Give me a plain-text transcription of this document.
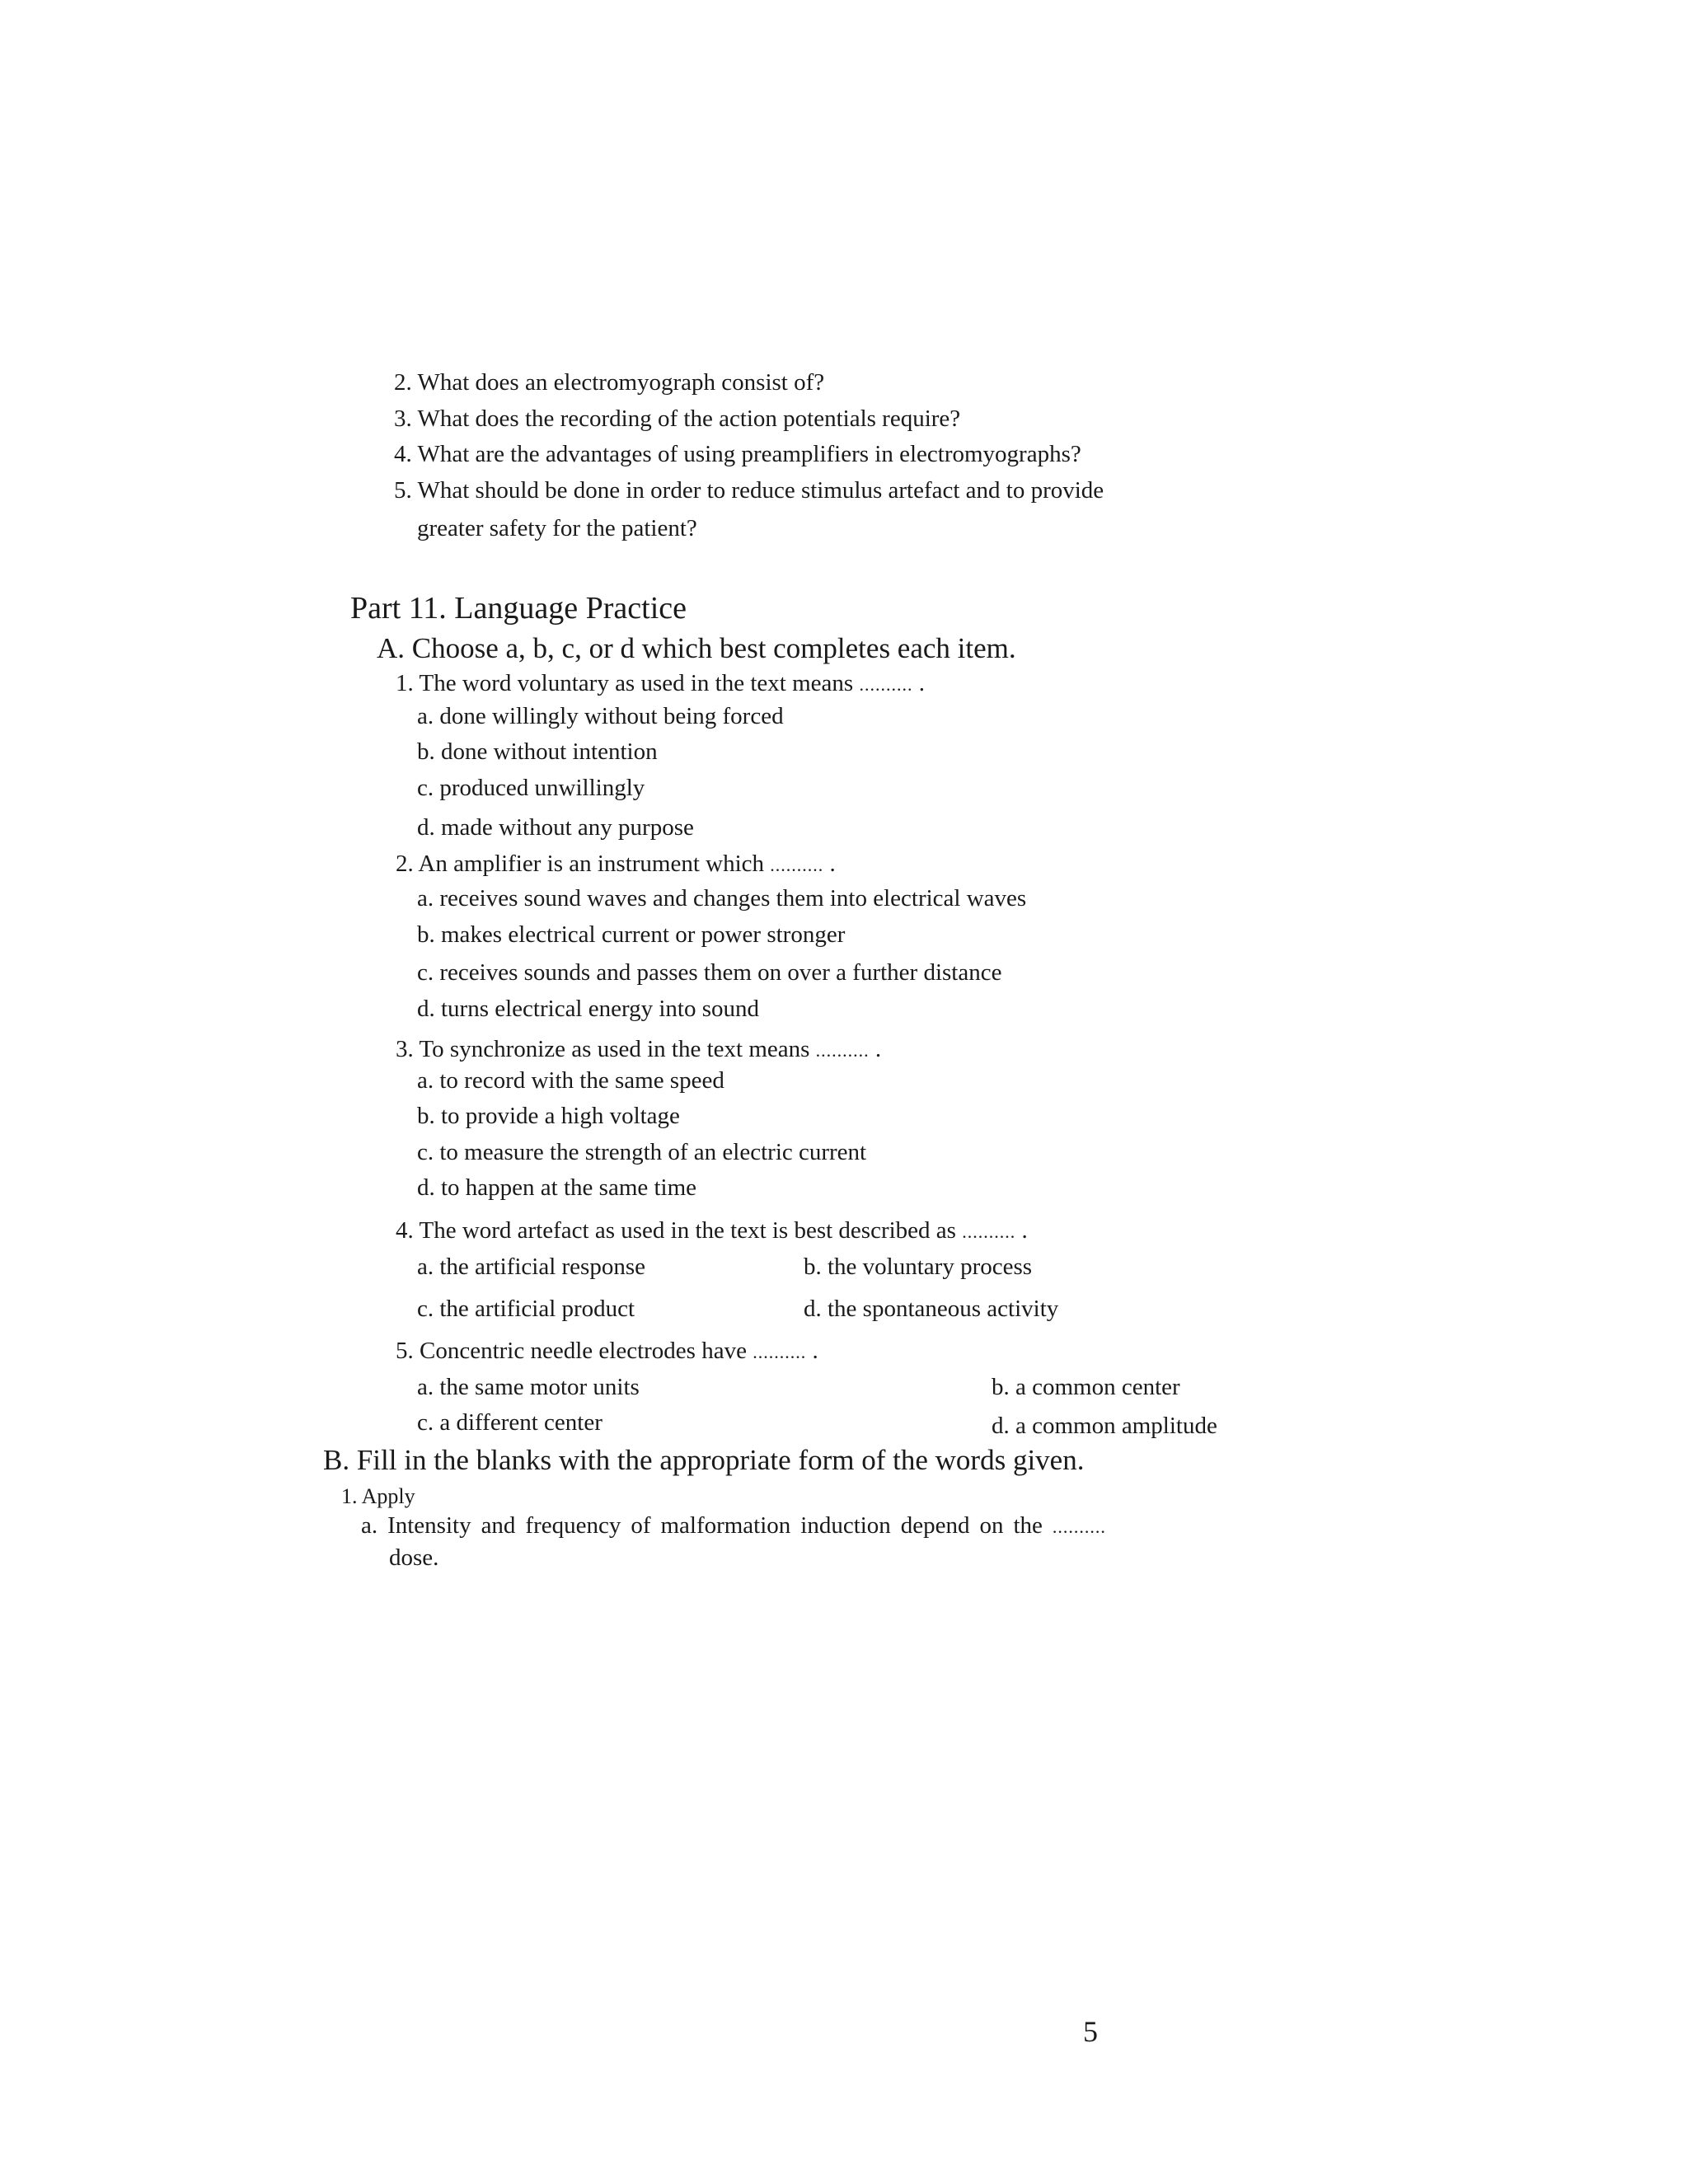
2. What does an electromyograph consist of?
3. What does the recording of the action potentials require?
4. What are the advantages of using preamplifiers in electromyographs?
5. What should be done in order to reduce stimulus artefact and to provide
greater safety for the patient?
Part 11. Language Practice
A. Choose a, b, c, or d which best completes each item.
1. The word voluntary as used in the text means .......... .
a. done willingly without being forced
b. done without intention
c. produced unwillingly
d. made without any purpose
2. An amplifier is an instrument which .......... .
a. receives sound waves and changes them into electrical waves
b. makes electrical current or power stronger
c. receives sounds and passes them on over a further distance
d. turns electrical energy into sound
3. To synchronize as used in the text means .......... .
a. to record with the same speed
b. to provide a high voltage
c. to measure the strength of an electric current
d. to happen at the same time
4. The word artefact as used in the text is best described as .......... .
a. the artificial response	b. the voluntary process
c. the artificial product	d. the spontaneous activity
5. Concentric needle electrodes have .......... .
a. the same motor units	b. a common center
c. a different center	d. a common amplitude
B. Fill in the blanks with the appropriate form of the words given.
1. Apply
a. Intensity and frequency of malformation induction depend on the ..........
dose.
5
